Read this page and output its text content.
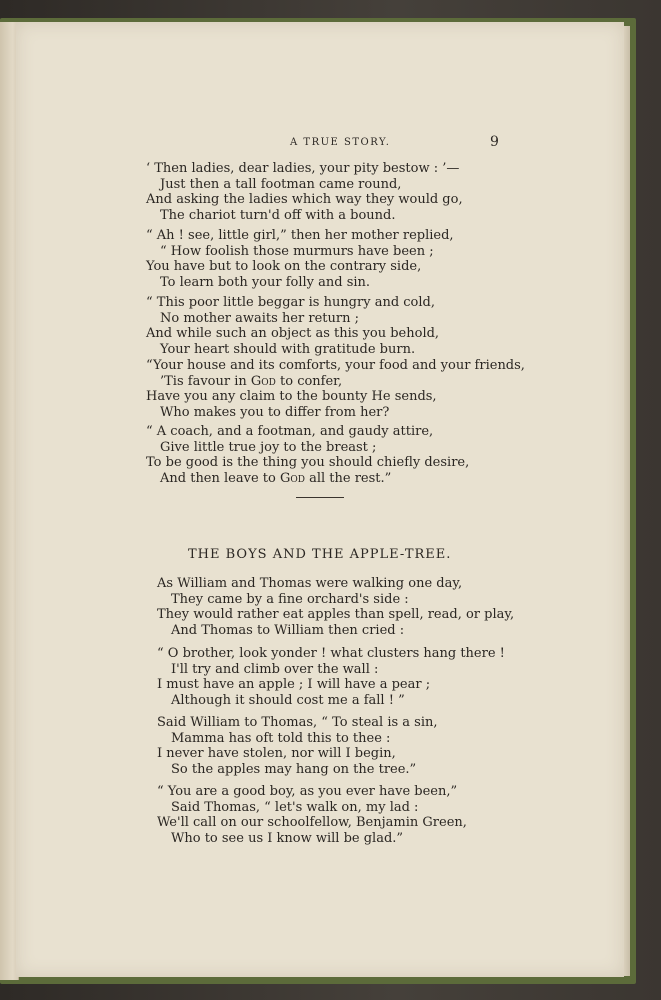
A TRUE STORY.	9
‘ Then ladies, dear ladies, your pity bestow : ’—
Just then a tall footman came round,
And asking the ladies which way they would go,
The chariot turn'd off with a bound.
“ Ah ! see, little girl,” then her mother replied,
“ How foolish those murmurs have been ;
You have but to look on the contrary side,
To learn both your folly and sin.
“ This poor little beggar is hungry and cold,
No mother awaits her return ;
And while such an object as this you behold,
Your heart should with gratitude burn.
“Your house and its comforts, your food and your friends,
’Tis favour in God to confer,
Have you any claim to the bounty He sends,
Who makes you to differ from her?
“ A coach, and a footman, and gaudy attire,
Give little true joy to the breast ;
To be good is the thing you should chiefly desire,
And then leave to God all the rest.”
THE BOYS AND THE APPLE-TREE.
As William and Thomas were walking one day,
They came by a fine orchard's side :
They would rather eat apples than spell, read, or play,
And Thomas to William then cried :
“ O brother, look yonder ! what clusters hang there !
I'll try and climb over the wall :
I must have an apple ; I will have a pear ;
Although it should cost me a fall ! ”
Said William to Thomas, “ To steal is a sin,
Mamma has oft told this to thee :
I never have stolen, nor will I begin,
So the apples may hang on the tree.”
“ You are a good boy, as you ever have been,”
Said Thomas, “ let's walk on, my lad :
We'll call on our schoolfellow, Benjamin Green,
Who to see us I know will be glad.”
